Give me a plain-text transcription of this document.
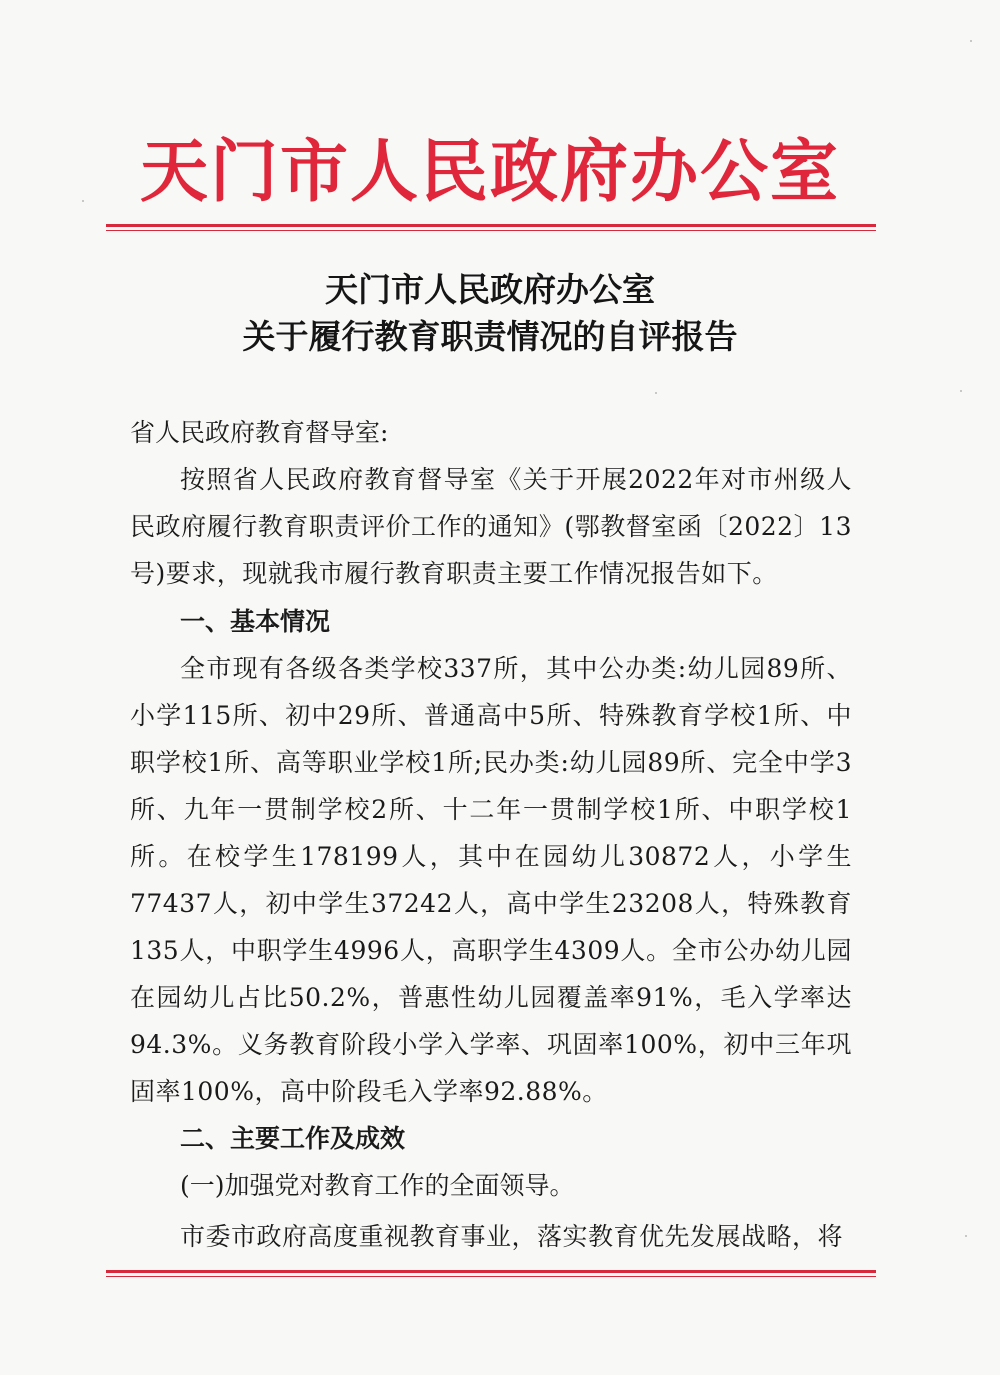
天门市人民政府办公室
天门市人民政府办公室
关于履行教育职责情况的自评报告
省人民政府教育督导室:
按照省人民政府教育督导室《关于开展2022年对市州级人民政府履行教育职责评价工作的通知》(鄂教督室函〔2022〕13号)要求，现就我市履行教育职责主要工作情况报告如下。
一、基本情况
全市现有各级各类学校337所，其中公办类:幼儿园89所、小学115所、初中29所、普通高中5所、特殊教育学校1所、中职学校1所、高等职业学校1所;民办类:幼儿园89所、完全中学3所、九年一贯制学校2所、十二年一贯制学校1所、中职学校1所。在校学生178199人，其中在园幼儿30872人，小学生77437人，初中学生37242人，高中学生23208人，特殊教育135人，中职学生4996人，高职学生4309人。全市公办幼儿园在园幼儿占比50.2%，普惠性幼儿园覆盖率91%，毛入学率达94.3%。义务教育阶段小学入学率、巩固率100%，初中三年巩固率100%，高中阶段毛入学率92.88%。
二、主要工作及成效
(一)加强党对教育工作的全面领导。
市委市政府高度重视教育事业，落实教育优先发展战略，将
